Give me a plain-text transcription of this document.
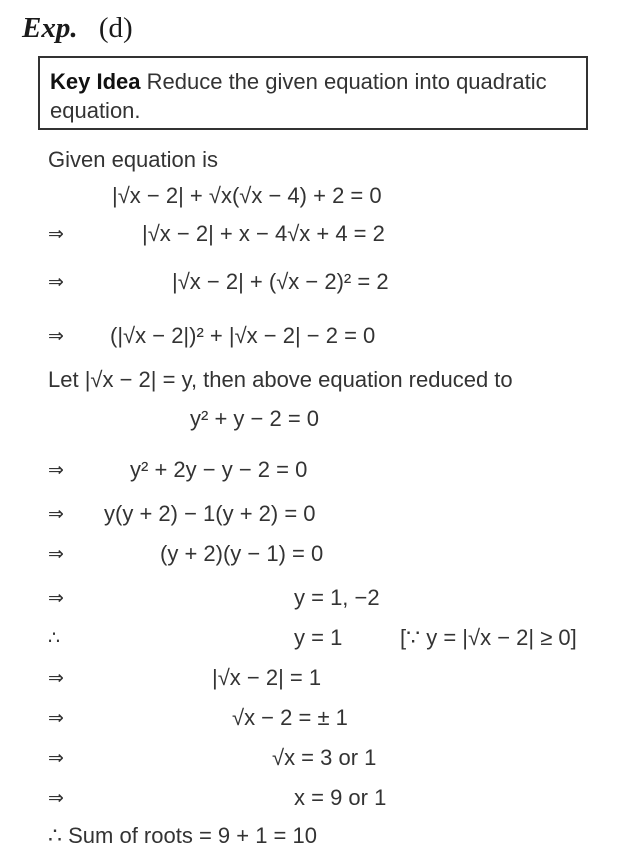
Exp. (d)
Key Idea Reduce the given equation into quadratic equation.
Given equation is
|√x − 2| + √x(√x − 4) + 2 = 0
⇒	|√x − 2| + x − 4√x + 4 = 2
⇒	|√x − 2| + (√x − 2)² = 2
⇒ (|√x − 2|)² + |√x − 2| − 2 = 0
Let |√x − 2| = y, then above equation reduced to
y² + y − 2 = 0
⇒	y² + 2y − y − 2 = 0
⇒ y(y + 2) − 1(y + 2) = 0
⇒	(y + 2)(y − 1) = 0
⇒	y = 1, −2
∴	y = 1	[∵ y = |√x − 2| ≥ 0]
⇒	|√x − 2| = 1
⇒	√x − 2 = ± 1
⇒	√x = 3 or 1
⇒	x = 9 or 1
∴ Sum of roots = 9 + 1 = 10
